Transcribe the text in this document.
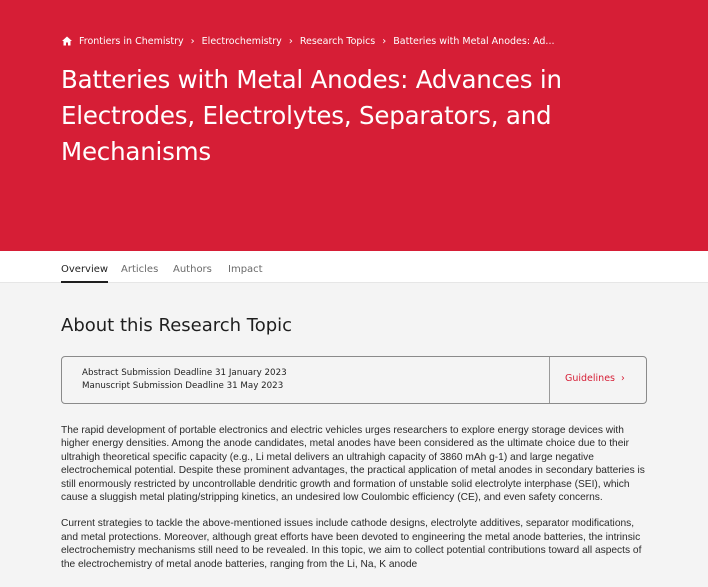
Frontiers in Chemistry › Electrochemistry › Research Topics › Batteries with Metal Anodes: Ad...
Batteries with Metal Anodes: Advances in Electrodes, Electrolytes, Separators, and Mechanisms
Overview Articles Authors Impact
About this Research Topic
Abstract Submission Deadline 31 January 2023
Manuscript Submission Deadline 31 May 2023
Guidelines ›

The rapid development of portable electronics and electric vehicles urges researchers to explore energy storage devices with higher energy densities. Among the anode candidates, metal anodes have been considered as the ultimate choice due to their ultrahigh theoretical specific capacity (e.g., Li metal delivers an ultrahigh capacity of 3860 mAh g-1) and large negative electrochemical potential. Despite these prominent advantages, the practical application of metal anodes in secondary batteries is still enormously restricted by uncontrollable dendritic growth and formation of unstable solid electrolyte interphase (SEI), which cause a sluggish metal plating/stripping kinetics, an undesired low Coulombic efficiency (CE), and even safety concerns.

Current strategies to tackle the above-mentioned issues include cathode designs, electrolyte additives, separator modifications, and metal protections. Moreover, although great efforts have been devoted to engineering the metal anode batteries, the intrinsic electrochemistry mechanisms still need to be revealed. In this topic, we aim to collect potential contributions toward all aspects of the electrochemistry of metal anode batteries, ranging from the Li, Na, K anode
